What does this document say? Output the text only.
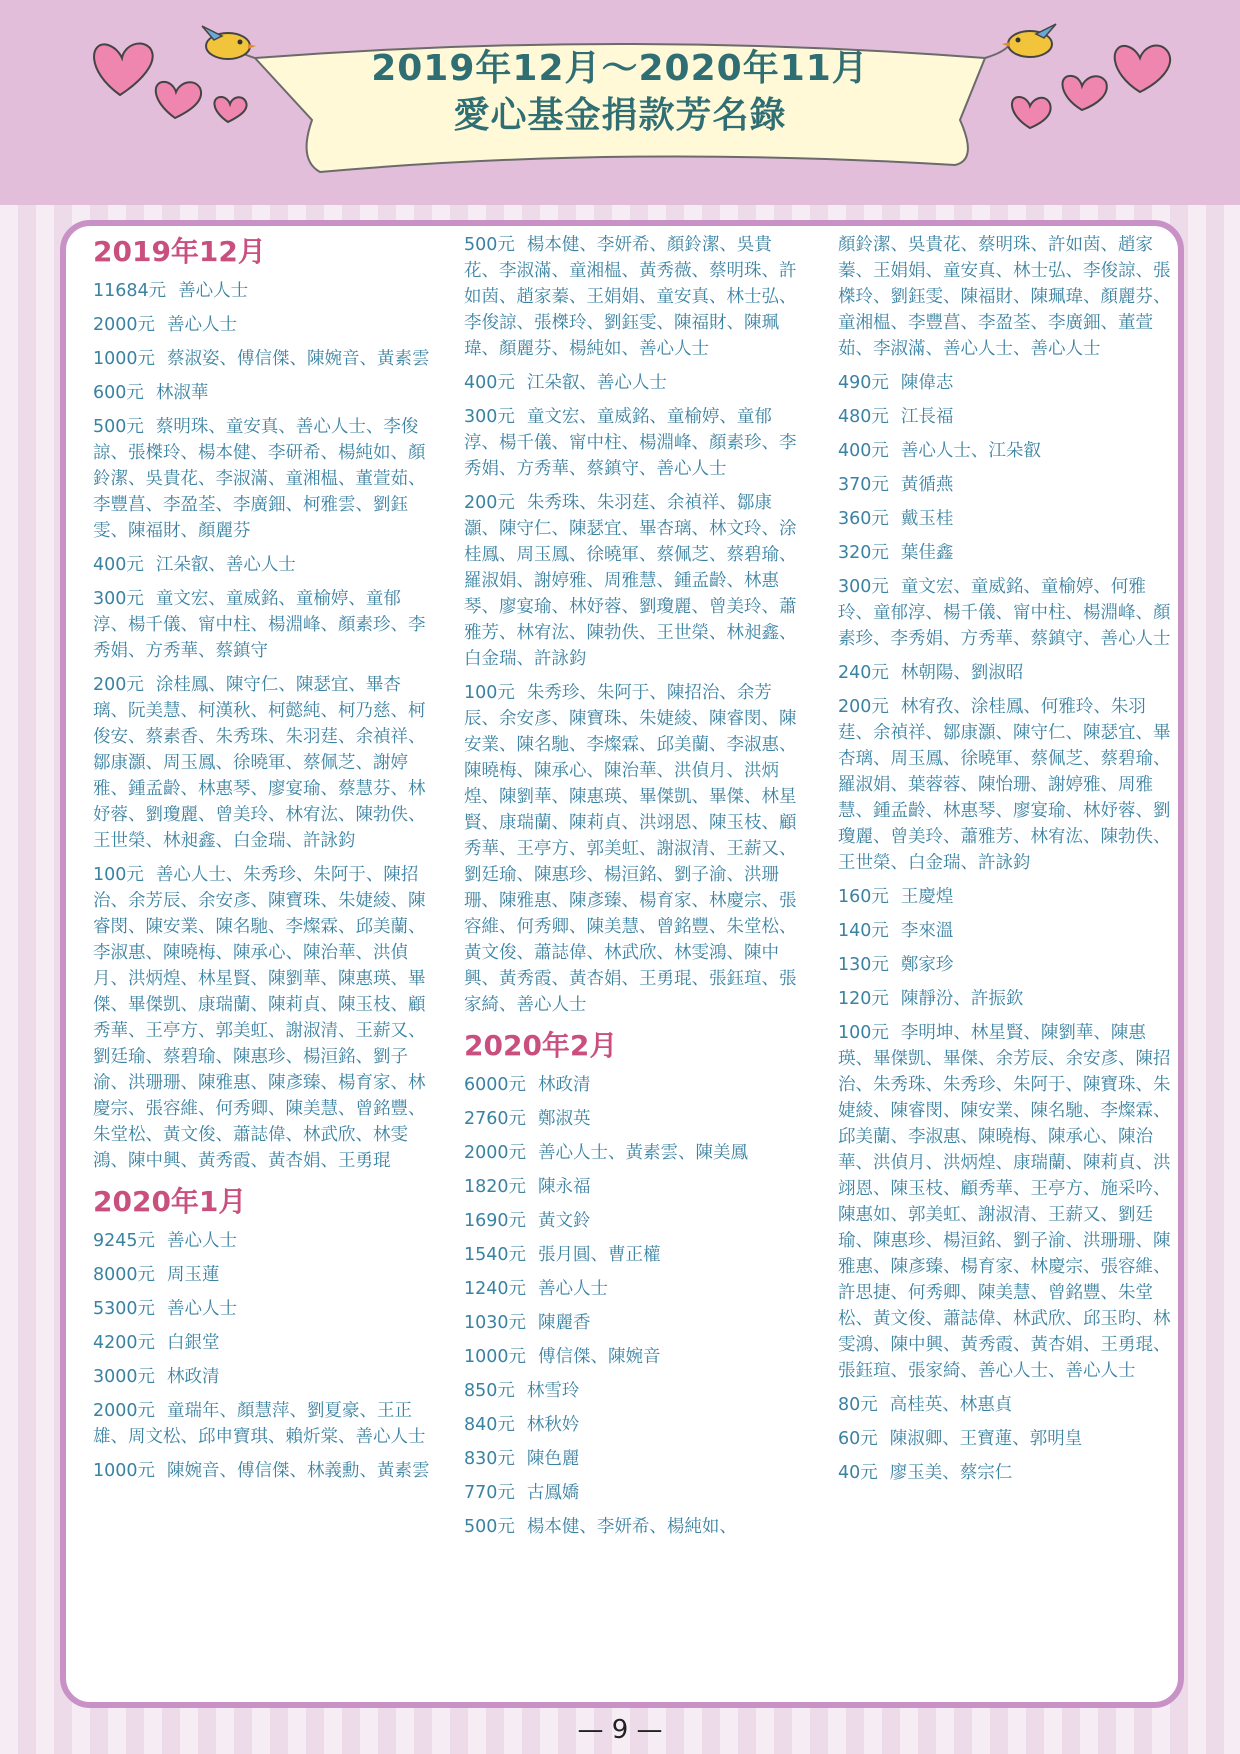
2019年12月～2020年11月
愛心基金捐款芳名錄
2019年12月
11684元 善心人士
2000元 善心人士
1000元 蔡淑姿、傅信傑、陳婉音、黃素雲
600元 林淑華
500元 蔡明珠、童安真、善心人士、李俊諒、張榤玲、楊本健、李研希、楊純如、顏鈴潔、吳貴花、李淑滿、童湘榅、董萱茹、李豐菖、李盈荃、李廣鈿、柯雅雲、劉鈺雯、陳福財、顏麗芬
400元 江朵叡、善心人士
300元 童文宏、童威銘、童榆婷、童郁淳、楊千儀、甯中柱、楊淵峰、顏素珍、李秀娟、方秀華、蔡鎮守
200元 涂桂鳳、陳守仁、陳瑟宜、畢杏璃、阮美慧、柯漢秋、柯懿純、柯乃慈、柯俊安、蔡素香、朱秀珠、朱羽莛、余禎祥、鄒康灝、周玉鳳、徐曉軍、蔡佩芝、謝婷雅、鍾孟齡、林惠琴、廖宴瑜、蔡慧芬、林妤蓉、劉瓊麗、曾美玲、林宥汯、陳勃佚、王世榮、林昶鑫、白金瑞、許詠鈞
100元 善心人士、朱秀珍、朱阿于、陳招治、余芳辰、余安彥、陳寶珠、朱婕綾、陳睿閔、陳安業、陳名馳、李燦霖、邱美蘭、李淑惠、陳曉梅、陳承心、陳治華、洪偵月、洪炳煌、林星賢、陳劉華、陳惠瑛、畢傑、畢傑凱、康瑞蘭、陳莉貞、陳玉枝、顧秀華、王亭方、郭美虹、謝淑清、王薪又、劉廷瑜、蔡碧瑜、陳惠珍、楊洹銘、劉子渝、洪珊珊、陳雅惠、陳彥臻、楊育家、林慶宗、張容維、何秀卿、陳美慧、曾銘豐、朱堂松、黃文俊、蕭誌偉、林武欣、林雯鴻、陳中興、黃秀霞、黃杏娟、王勇琨
2020年1月
9245元 善心人士
8000元 周玉蓮
5300元 善心人士
4200元 白銀堂
3000元 林政清
2000元 童瑞年、顏慧萍、劉夏豪、王正雄、周文松、邱申寶琪、賴炘棠、善心人士
1000元 陳婉音、傅信傑、林義勳、黃素雲
500元 楊本健、李妍希、顏鈴潔、吳貴花、李淑滿、童湘榅、黃秀薇、蔡明珠、許如茵、趙家蓁、王娟娟、童安真、林士弘、李俊諒、張榤玲、劉鈺雯、陳福財、陳珮瑋、顏麗芬、楊純如、善心人士
400元 江朵叡、善心人士
300元 童文宏、童威銘、童榆婷、童郁淳、楊千儀、甯中柱、楊淵峰、顏素珍、李秀娟、方秀華、蔡鎮守、善心人士
200元 朱秀珠、朱羽莛、余禎祥、鄒康灝、陳守仁、陳瑟宜、畢杏璃、林文玲、涂桂鳳、周玉鳳、徐曉軍、蔡佩芝、蔡碧瑜、羅淑娟、謝婷雅、周雅慧、鍾孟齡、林惠琴、廖宴瑜、林妤蓉、劉瓊麗、曾美玲、蕭雅芳、林宥汯、陳勃佚、王世榮、林昶鑫、白金瑞、許詠鈞
100元 朱秀珍、朱阿于、陳招治、余芳辰、余安彥、陳寶珠、朱婕綾、陳睿閔、陳安業、陳名馳、李燦霖、邱美蘭、李淑惠、陳曉梅、陳承心、陳治華、洪偵月、洪炳煌、陳劉華、陳惠瑛、畢傑凱、畢傑、林星賢、康瑞蘭、陳莉貞、洪翊恩、陳玉枝、顧秀華、王亭方、郭美虹、謝淑清、王薪又、劉廷瑜、陳惠珍、楊洹銘、劉子渝、洪珊珊、陳雅惠、陳彥臻、楊育家、林慶宗、張容維、何秀卿、陳美慧、曾銘豐、朱堂松、黃文俊、蕭誌偉、林武欣、林雯鴻、陳中興、黃秀霞、黃杏娟、王勇琨、張鈺瑄、張家綺、善心人士
2020年2月
6000元 林政清
2760元 鄭淑英
2000元 善心人士、黃素雲、陳美鳳
1820元 陳永福
1690元 黃文鈴
1540元 張月圓、曹正權
1240元 善心人士
1030元 陳麗香
1000元 傅信傑、陳婉音
850元 林雪玲
840元 林秋妗
830元 陳色麗
770元 古鳳嬌
500元 楊本健、李妍希、楊純如、
顏鈴潔、吳貴花、蔡明珠、許如茵、趙家蓁、王娟娟、童安真、林士弘、李俊諒、張榤玲、劉鈺雯、陳福財、陳珮瑋、顏麗芬、童湘榅、李豐菖、李盈荃、李廣鈿、董萱茹、李淑滿、善心人士、善心人士
490元 陳偉志
480元 江長福
400元 善心人士、江朵叡
370元 黃循燕
360元 戴玉桂
320元 葉佳鑫
300元 童文宏、童威銘、童榆婷、何雅玲、童郁淳、楊千儀、甯中柱、楊淵峰、顏素珍、李秀娟、方秀華、蔡鎮守、善心人士
240元 林朝陽、劉淑昭
200元 林宥孜、涂桂鳳、何雅玲、朱羽莛、余禎祥、鄒康灝、陳守仁、陳瑟宜、畢杏璃、周玉鳳、徐曉軍、蔡佩芝、蔡碧瑜、羅淑娟、葉蓉蓉、陳怡珊、謝婷雅、周雅慧、鍾孟齡、林惠琴、廖宴瑜、林妤蓉、劉瓊麗、曾美玲、蕭雅芳、林宥汯、陳勃佚、王世榮、白金瑞、許詠鈞
160元 王慶煌
140元 李來溫
130元 鄭家珍
120元 陳靜汾、許振欽
100元 李明坤、林星賢、陳劉華、陳惠瑛、畢傑凱、畢傑、余芳辰、余安彥、陳招治、朱秀珠、朱秀珍、朱阿于、陳寶珠、朱婕綾、陳睿閔、陳安業、陳名馳、李燦霖、邱美蘭、李淑惠、陳曉梅、陳承心、陳治華、洪偵月、洪炳煌、康瑞蘭、陳莉貞、洪翊恩、陳玉枝、顧秀華、王亭方、施采吟、陳惠如、郭美虹、謝淑清、王薪又、劉廷瑜、陳惠珍、楊洹銘、劉子渝、洪珊珊、陳雅惠、陳彥臻、楊育家、林慶宗、張容維、許思捷、何秀卿、陳美慧、曾銘豐、朱堂松、黃文俊、蕭誌偉、林武欣、邱玉昀、林雯鴻、陳中興、黃秀霞、黃杏娟、王勇琨、張鈺瑄、張家綺、善心人士、善心人士
80元 高桂英、林惠貞
60元 陳淑卿、王寶蓮、郭明皇
40元 廖玉美、蔡宗仁
— 9 —
